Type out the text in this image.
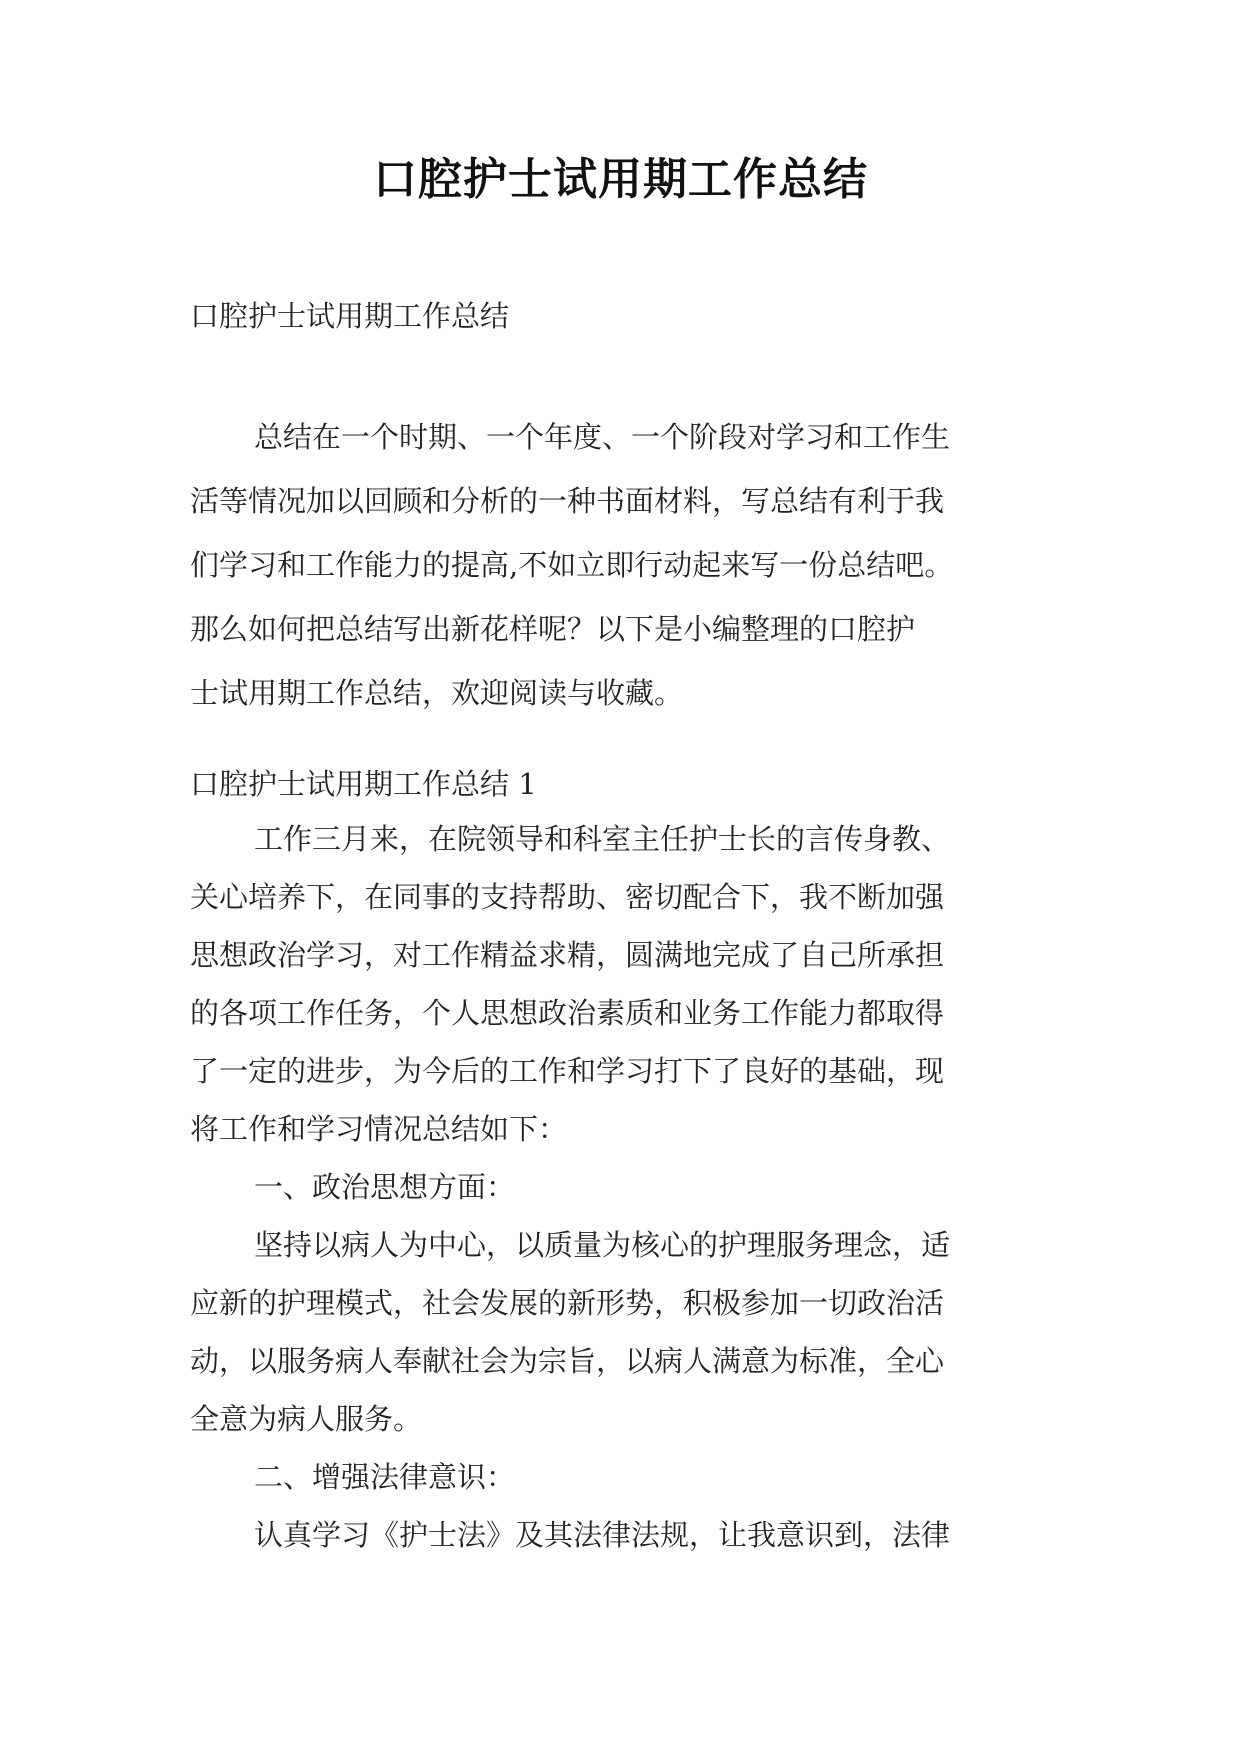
口腔护士试用期工作总结

口腔护士试用期工作总结

总结在一个时期、一个年度、一个阶段对学习和工作生
活等情况加以回顾和分析的一种书面材料，写总结有利于我
们学习和工作能力的提高,不如立即行动起来写一份总结吧。
那么如何把总结写出新花样呢？以下是小编整理的口腔护
士试用期工作总结，欢迎阅读与收藏。

口腔护士试用期工作总结 1

工作三月来，在院领导和科室主任护士长的言传身教、
关心培养下，在同事的支持帮助、密切配合下，我不断加强
思想政治学习，对工作精益求精，圆满地完成了自己所承担
的各项工作任务，个人思想政治素质和业务工作能力都取得
了一定的进步，为今后的工作和学习打下了良好的基础，现
将工作和学习情况总结如下：
一、政治思想方面：
坚持以病人为中心，以质量为核心的护理服务理念，适
应新的护理模式，社会发展的新形势，积极参加一切政治活
动，以服务病人奉献社会为宗旨，以病人满意为标准，全心
全意为病人服务。
二、增强法律意识：
认真学习《护士法》及其法律法规，让我意识到，法律
